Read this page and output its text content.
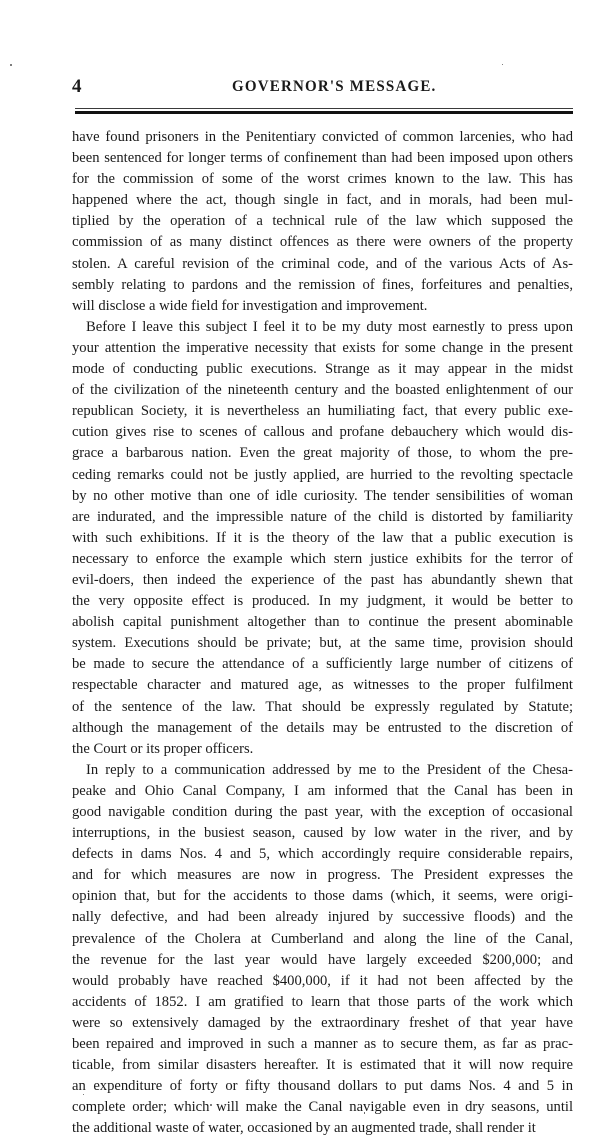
4	GOVERNOR'S MESSAGE.
have found prisoners in the Penitentiary convicted of common larcenies, who had
been sentenced for longer terms of confinement than had been imposed upon others
for the commission of some of the worst crimes known to the law. This has
happened where the act, though single in fact, and in morals, had been mul-
tiplied by the operation of a technical rule of the law which supposed the
commission of as many distinct offences as there were owners of the property
stolen. A careful revision of the criminal code, and of the various Acts of As-
sembly relating to pardons and the remission of fines, forfeitures and penalties,
will disclose a wide field for investigation and improvement.
Before I leave this subject I feel it to be my duty most earnestly to press upon
your attention the imperative necessity that exists for some change in the present
mode of conducting public executions. Strange as it may appear in the midst
of the civilization of the nineteenth century and the boasted enlightenment of our
republican Society, it is nevertheless an humiliating fact, that every public exe-
cution gives rise to scenes of callous and profane debauchery which would dis-
grace a barbarous nation. Even the great majority of those, to whom the pre-
ceding remarks could not be justly applied, are hurried to the revolting spectacle
by no other motive than one of idle curiosity. The tender sensibilities of woman
are indurated, and the impressible nature of the child is distorted by familiarity
with such exhibitions. If it is the theory of the law that a public execution is
necessary to enforce the example which stern justice exhibits for the terror of
evil-doers, then indeed the experience of the past has abundantly shewn that
the very opposite effect is produced. In my judgment, it would be better to
abolish capital punishment altogether than to continue the present abominable
system. Executions should be private; but, at the same time, provision should
be made to secure the attendance of a sufficiently large number of citizens of
respectable character and matured age, as witnesses to the proper fulfilment
of the sentence of the law. That should be expressly regulated by Statute;
although the management of the details may be entrusted to the discretion of
the Court or its proper officers.
In reply to a communication addressed by me to the President of the Chesa-
peake and Ohio Canal Company, I am informed that the Canal has been in
good navigable condition during the past year, with the exception of occasional
interruptions, in the busiest season, caused by low water in the river, and by
defects in dams Nos. 4 and 5, which accordingly require considerable repairs,
and for which measures are now in progress. The President expresses the
opinion that, but for the accidents to those dams (which, it seems, were origi-
nally defective, and had been already injured by successive floods) and the
prevalence of the Cholera at Cumberland and along the line of the Canal,
the revenue for the last year would have largely exceeded $200,000; and
would probably have reached $400,000, if it had not been affected by the
accidents of 1852. I am gratified to learn that those parts of the work which
were so extensively damaged by the extraordinary freshet of that year have
been repaired and improved in such a manner as to secure them, as far as prac-
ticable, from similar disasters hereafter. It is estimated that it will now require
an expenditure of forty or fifty thousand dollars to put dams Nos. 4 and 5 in
complete order; which will make the Canal navigable even in dry seasons, until
the additional waste of water, occasioned by an augmented trade, shall render it
